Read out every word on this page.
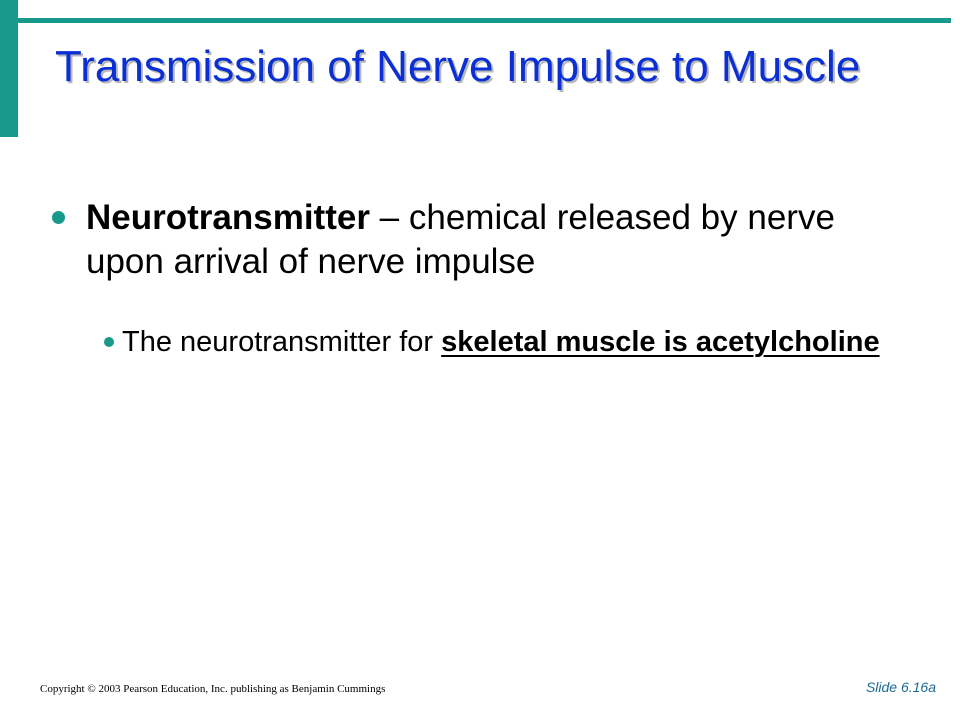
Transmission of Nerve Impulse to Muscle
Neurotransmitter – chemical released by nerve upon arrival of nerve impulse
The neurotransmitter for skeletal muscle is acetylcholine
Copyright © 2003 Pearson Education, Inc. publishing as Benjamin Cummings	Slide 6.16a
